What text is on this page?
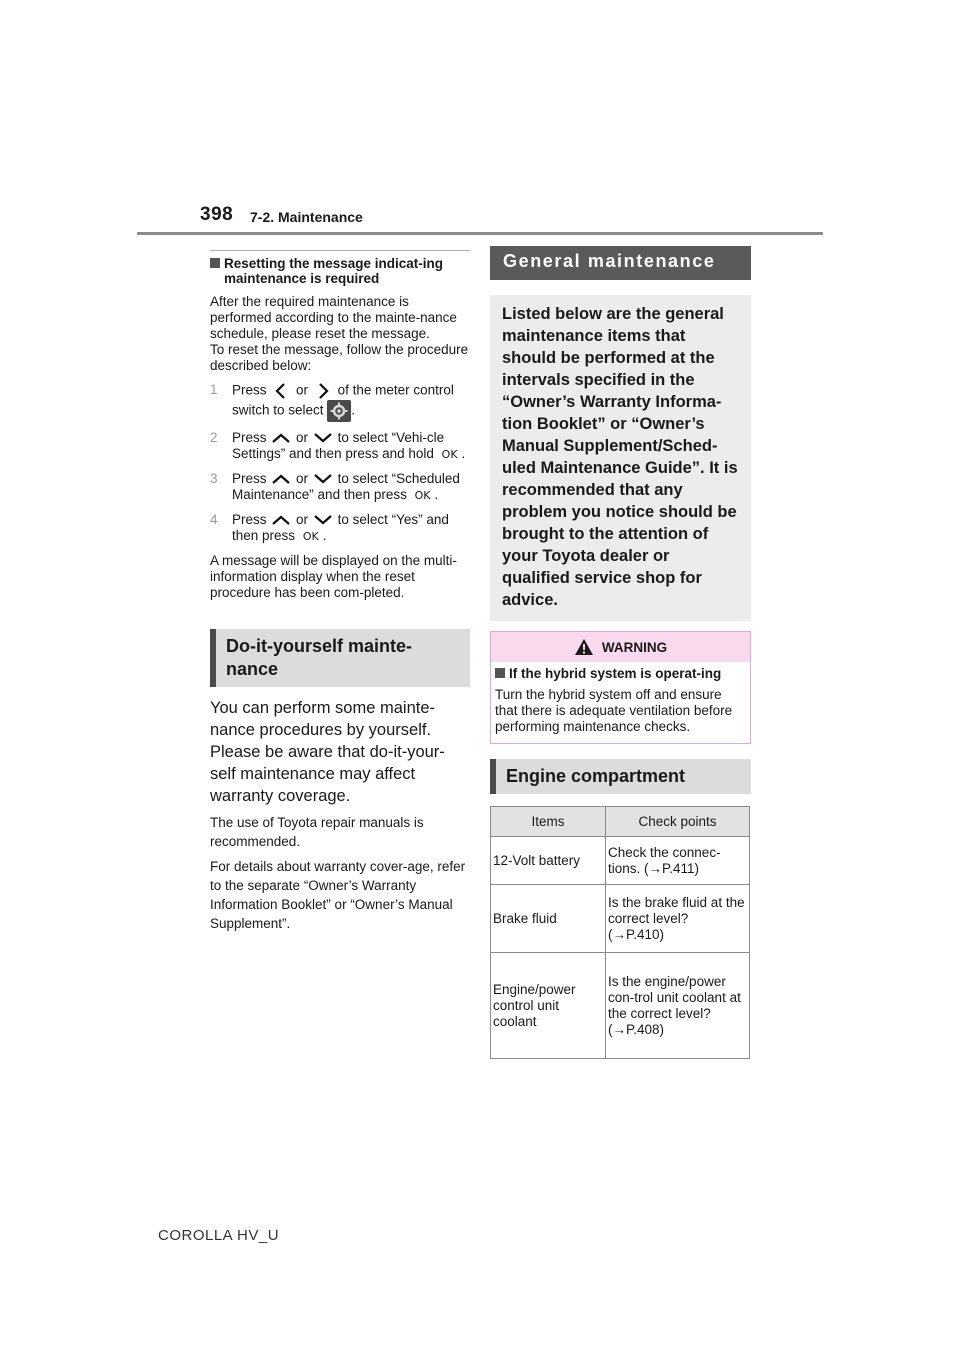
398 7-2. Maintenance
Resetting the message indicat-ing maintenance is required

After the required maintenance is performed according to the mainte-nance schedule, please reset the message.

To reset the message, follow the procedure described below:

1	Press or of the meter control switch to select .
2	Press or to select “Vehi-cle Settings” and then press and hold OK .
3	Press or to select “Scheduled Maintenance” and then press OK .
4	Press or to select “Yes” and then press OK .

A message will be displayed on the multi-information display when the reset procedure has been com-pleted.

Do-it-yourself mainte-nance

You can perform some mainte-nance procedures by yourself. Please be aware that do-it-your-self maintenance may affect warranty coverage.

The use of Toyota repair manuals is recommended.

For details about warranty cover-age, refer to the separate “Owner’s Warranty Information Booklet” or “Owner’s Manual Supplement”.

General maintenance
Listed below are the general maintenance items that should be performed at the intervals specified in the “Owner’s Warranty Informa-tion Booklet” or “Owner’s Manual Supplement/Sched-uled Maintenance Guide”. It is recommended that any problem you notice should be brought to the attention of your Toyota dealer or qualified service shop for advice.
WARNING
If the hybrid system is operat-ing

Turn the hybrid system off and ensure that there is adequate ventilation before performing maintenance checks.

Engine compartment
Items	Check points
12-Volt battery	Check the connec-tions. (→P.411)
Brake fluid	Is the brake fluid at the correct level? (→P.410)
Engine/power control unit coolant	Is the engine/power con-trol unit coolant at the correct level? (→P.408)
COROLLA HV_U
